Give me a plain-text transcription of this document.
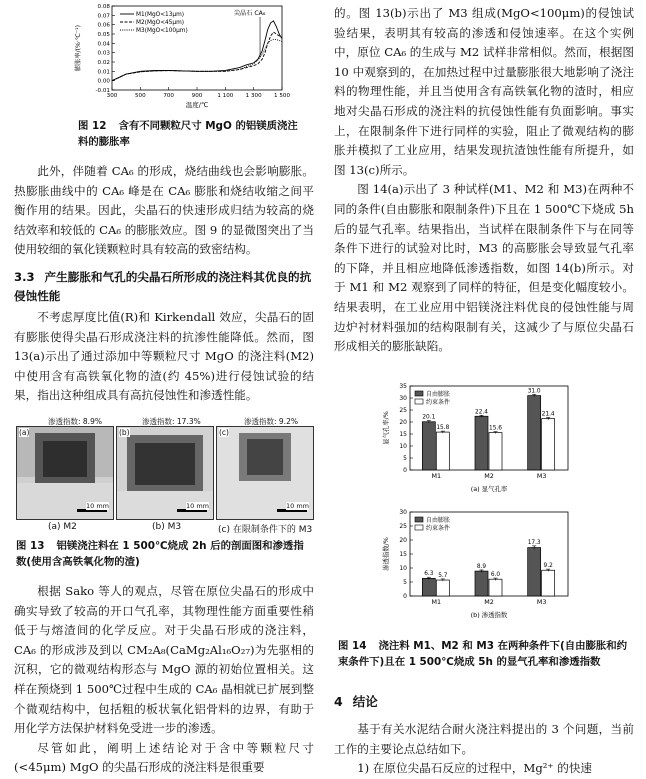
-0.01
0.00
0.01
0.02
0.03
0.04
0.05
0.06
0.07
0.08
300	500	700	900	1 100 1 300 1 500
温度/℃
膨胀率/(%·℃⁻¹)
M1(MgO<13μm)
M2(MgO<45μm)
M3(MgO<100μm)
尖晶石 CA₆
图 12 含有不同颗粒尺寸 MgO 的铝镁质浇注料的膨胀率

此外，伴随着 CA₆ 的形成，烧结曲线也会影响膨胀。热膨胀曲线中的 CA₆ 峰是在 CA₆ 膨胀和烧结收缩之间平衡作用的结果。因此，尖晶石的快速形成归结为较高的烧结效率和较低的 CA₆ 的膨胀效应。图 9 的显微图突出了当使用较细的氧化镁颗粒时具有较高的致密结构。

3.3 产生膨胀和气孔的尖晶石所形成的浇注料其优良的抗侵蚀性能

不考虑厚度比值(R)和 Kirkendall 效应，尖晶石的固有膨胀使得尖晶石形成浇注料的抗渗性能降低。然而，图 13(a)示出了通过添加中等颗粒尺寸 MgO 的浇注料(M2)中使用含有高铁氧化物的渣(约 45%)进行侵蚀试验的结果，指出这种组成具有高抗侵蚀性和渗透性能。

(a)
10 mm
渗透指数: 8.9%
(b)
10 mm
渗透指数: 17.3%
(c)
10 mm
渗透指数: 9.2%
(a) M2	(b) M3	(c) 在限制条件下的 M3
图 13 铝镁浇注料在 1 500℃烧成 2h 后的剖面图和渗透指数(使用含高铁氧化物的渣)

根据 Sako 等人的观点，尽管在原位尖晶石的形成中确实导致了较高的开口气孔率，其物理性能方面重要性稍低于与熔渣间的化学反应。对于尖晶石形成的浇注料，CA₆ 的形成涉及到以 CM₂A₈(CaMg₂Al₁₆O₂₇)为先驱相的沉积，它的微观结构形态与 MgO 源的初始位置相关。这样在预烧到 1 500℃过程中生成的 CA₆ 晶相就已扩展到整个微观结构中，包括粗的板状氧化铝骨料的边界，有助于用化学方法保护材料免受进一步的渗透。

尽管如此，阐明上述结论对于含中等颗粒尺寸(<45μm) MgO 的尖晶石形成的浇注料是很重要

的。图 13(b)示出了 M3 组成(MgO<100μm)的侵蚀试验结果，表明其有较高的渗透和侵蚀速率。在这个实例中，原位 CA₆ 的生成与 M2 试样非常相似。然而，根据图 10 中观察到的，在加热过程中过量膨胀很大地影响了浇注料的物理性能，并且当使用含有高铁氧化物的渣时，相应地对尖晶石形成的浇注料的抗侵蚀性能有负面影响。事实上，在限制条件下进行同样的实验，阻止了微观结构的膨胀并模拟了工业应用，结果发现抗渣蚀性能有所提升，如图 13(c)所示。

图 14(a)示出了 3 种试样(M1、M2 和 M3)在两种不同的条件(自由膨胀和限制条件)下且在 1 500℃下烧成 5h 后的显气孔率。结果指出，当试样在限制条件下与在同等条件下进行的试验对比时，M3 的高膨胀会导致显气孔率的下降，并且相应地降低渗透指数，如图 14(b)所示。对于 M1 和 M2 观察到了同样的特征，但是变化幅度较小。结果表明，在工业应用中铝镁浇注料优良的侵蚀性能与周边炉衬材料强加的结构限制有关，这减少了与原位尖晶石形成相关的膨胀缺陷。

0
5
10
15
20
25
30
35
显气孔率/%
M1
20.1
15.8
M2
22.4
15.6
M3
31.0
21.4
自由膨胀
约束条件
(a) 显气孔率
0
5
10
15
20
25
30
渗透指数/%
M1
6.3 5.7
M2
8.9
6.0
M3
17.3
9.2
自由膨胀
约束条件
(b) 渗透指数
图 14 浇注料 M1、M2 和 M3 在两种条件下(自由膨胀和约束条件下)且在 1 500℃烧成 5h 的显气孔率和渗透指数

4 结论

基于有关水泥结合耐火浇注料提出的 3 个问题，当前工作的主要论点总结如下。

1) 在原位尖晶石反应的过程中，Mg²⁺ 的快速
